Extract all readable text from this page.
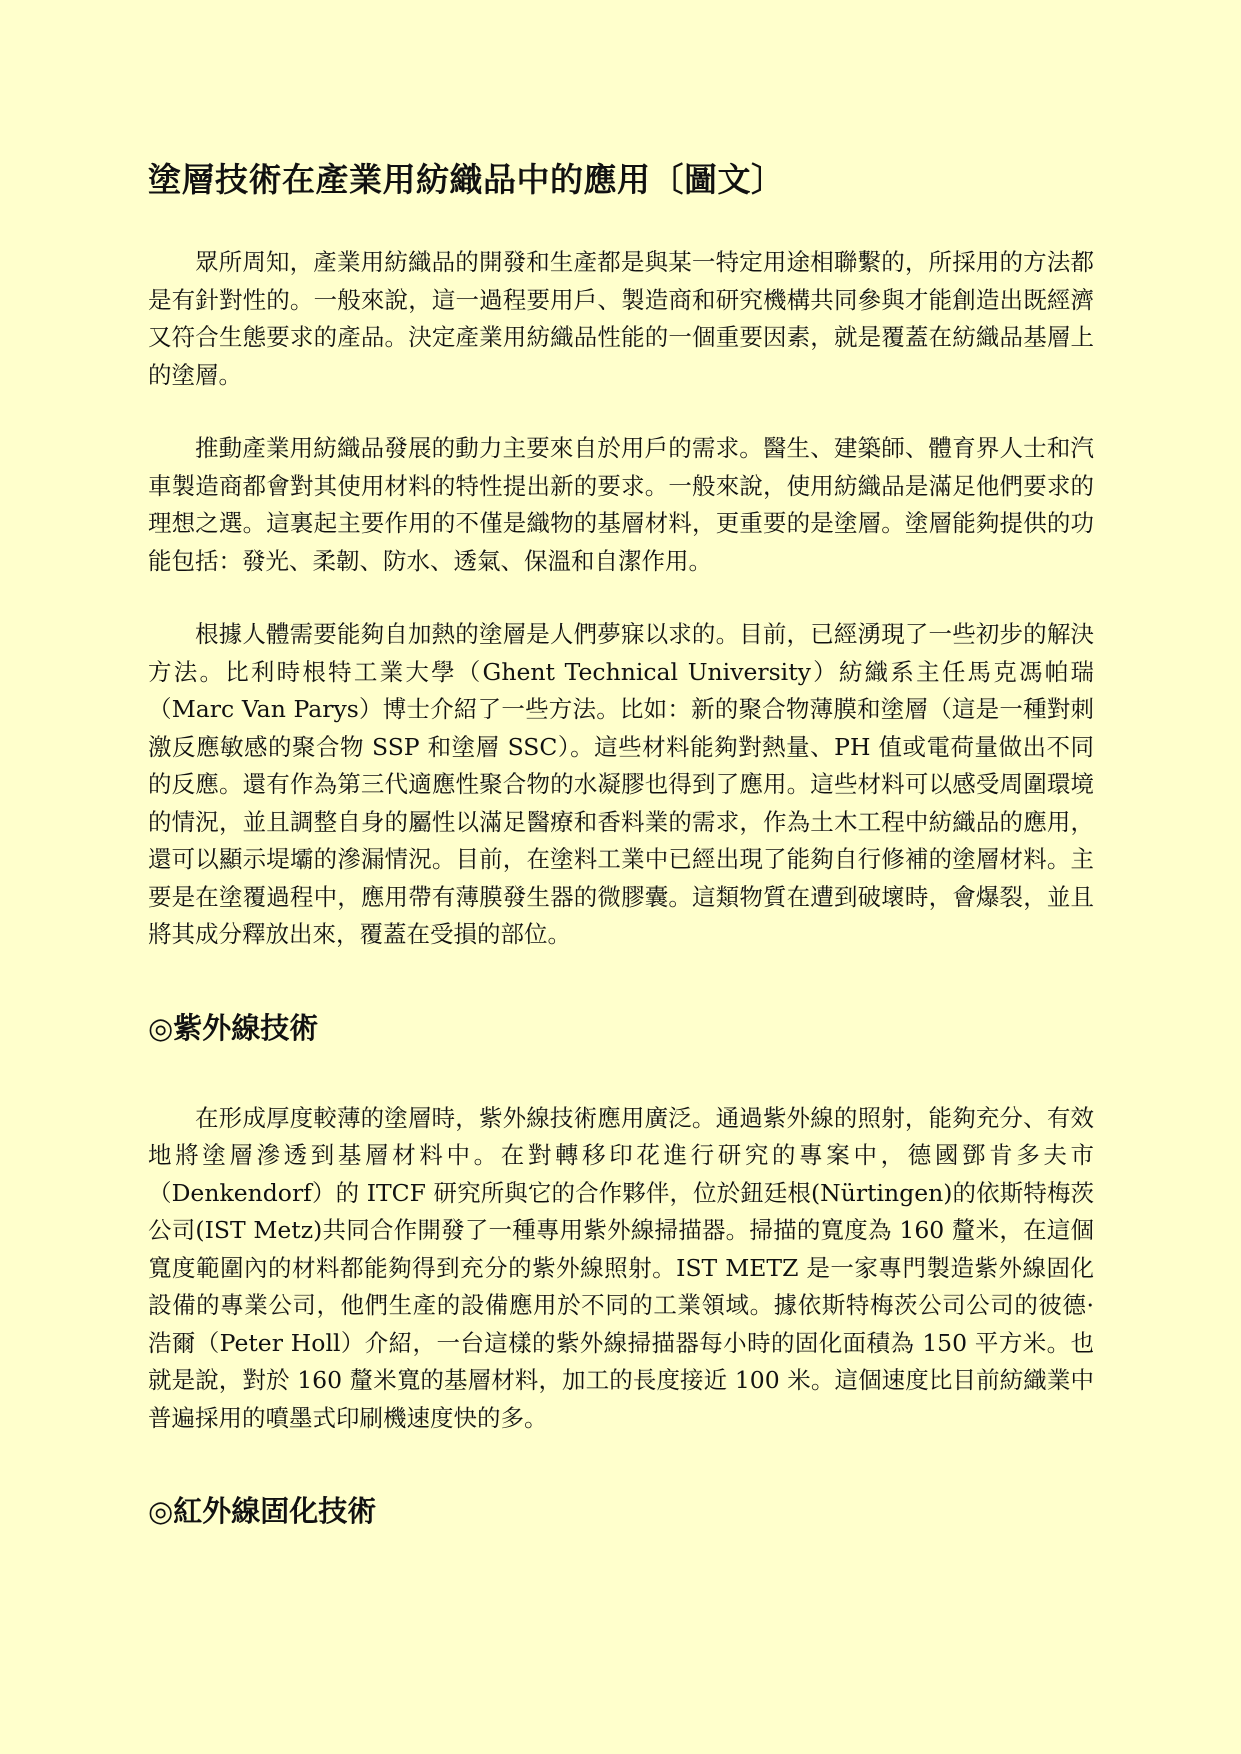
塗層技術在產業用紡織品中的應用〔圖文〕

眾所周知，產業用紡織品的開發和生產都是與某一特定用途相聯繫的，所採用的方法都是有針對性的。一般來說，這一過程要用戶、製造商和研究機構共同參與才能創造出既經濟又符合生態要求的產品。決定產業用紡織品性能的一個重要因素，就是覆蓋在紡織品基層上的塗層。

推動產業用紡織品發展的動力主要來自於用戶的需求。醫生、建築師、體育界人士和汽車製造商都會對其使用材料的特性提出新的要求。一般來說，使用紡織品是滿足他們要求的理想之選。這裏起主要作用的不僅是織物的基層材料，更重要的是塗層。塗層能夠提供的功能包括：發光、柔韌、防水、透氣、保溫和自潔作用。

根據人體需要能夠自加熱的塗層是人們夢寐以求的。目前，已經湧現了一些初步的解決方法。比利時根特工業大學（Ghent Technical University）紡織系主任馬克馮帕瑞（Marc Van Parys）博士介紹了一些方法。比如：新的聚合物薄膜和塗層（這是一種對刺激反應敏感的聚合物 SSP 和塗層 SSC）。這些材料能夠對熱量、PH 值或電荷量做出不同的反應。還有作為第三代適應性聚合物的水凝膠也得到了應用。這些材料可以感受周圍環境的情況，並且調整自身的屬性以滿足醫療和香料業的需求，作為土木工程中紡織品的應用，還可以顯示堤壩的滲漏情況。目前，在塗料工業中已經出現了能夠自行修補的塗層材料。主要是在塗覆過程中，應用帶有薄膜發生器的微膠囊。這類物質在遭到破壞時，會爆裂，並且將其成分釋放出來，覆蓋在受損的部位。

◎紫外線技術

在形成厚度較薄的塗層時，紫外線技術應用廣泛。通過紫外線的照射，能夠充分、有效地將塗層滲透到基層材料中。在對轉移印花進行研究的專案中，德國鄧肯多夫市（Denkendorf）的 ITCF 研究所與它的合作夥伴，位於鈕廷根(Nürtingen)的依斯特梅茨公司(IST Metz)共同合作開發了一種專用紫外線掃描器。掃描的寬度為 160 釐米，在這個寬度範圍內的材料都能夠得到充分的紫外線照射。IST METZ 是一家專門製造紫外線固化設備的專業公司，他們生產的設備應用於不同的工業領域。據依斯特梅茨公司公司的彼德·浩爾（Peter Holl）介紹，一台這樣的紫外線掃描器每小時的固化面積為 150 平方米。也就是說，對於 160 釐米寬的基層材料，加工的長度接近 100 米。這個速度比目前紡織業中普遍採用的噴墨式印刷機速度快的多。

◎紅外線固化技術
